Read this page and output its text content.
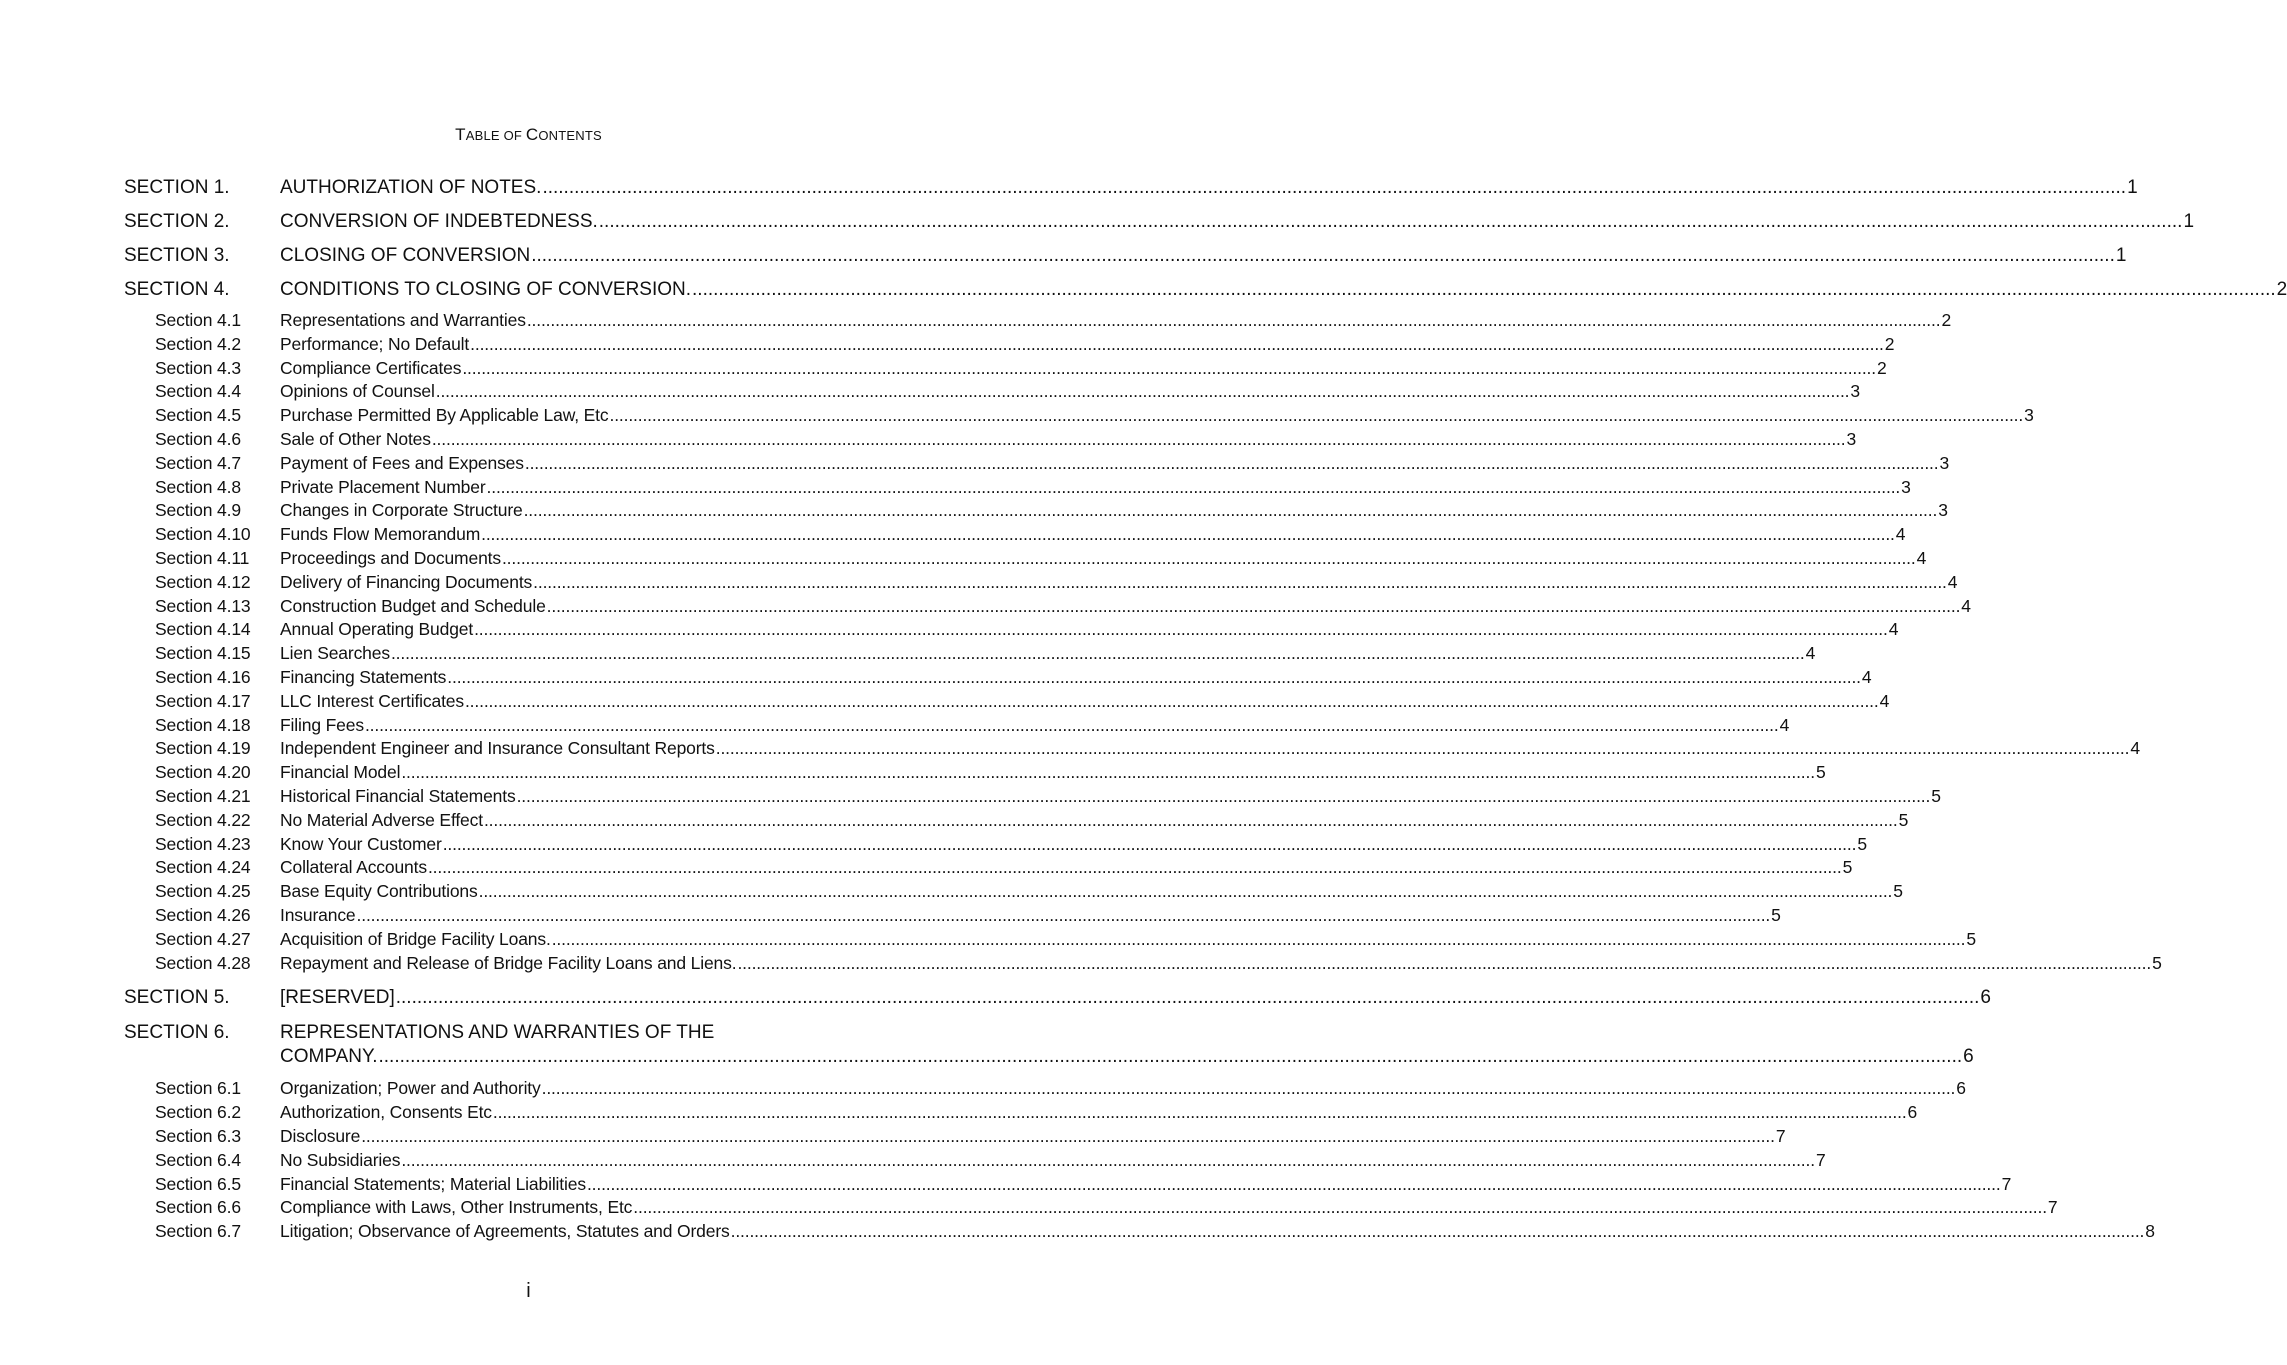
TABLE OF CONTENTS
SECTION 1.	AUTHORIZATION OF NOTES. .....	1
SECTION 2.	CONVERSION OF INDEBTEDNESS. .....	1
SECTION 3.	CLOSING OF CONVERSION .....	1
SECTION 4.	CONDITIONS TO CLOSING OF CONVERSION. .....	2
Section 4.1	Representations and Warranties .....	2
Section 4.2	Performance; No Default .....	2
Section 4.3	Compliance Certificates .....	2
Section 4.4	Opinions of Counsel .....	3
Section 4.5	Purchase Permitted By Applicable Law, Etc .....	3
Section 4.6	Sale of Other Notes .....	3
Section 4.7	Payment of Fees and Expenses .....	3
Section 4.8	Private Placement Number .....	3
Section 4.9	Changes in Corporate Structure .....	3
Section 4.10	Funds Flow Memorandum .....	4
Section 4.11	Proceedings and Documents .....	4
Section 4.12	Delivery of Financing Documents .....	4
Section 4.13	Construction Budget and Schedule .....	4
Section 4.14	Annual Operating Budget .....	4
Section 4.15	Lien Searches .....	4
Section 4.16	Financing Statements .....	4
Section 4.17	LLC Interest Certificates .....	4
Section 4.18	Filing Fees .....	4
Section 4.19	Independent Engineer and Insurance Consultant Reports .....	4
Section 4.20	Financial Model .....	5
Section 4.21	Historical Financial Statements .....	5
Section 4.22	No Material Adverse Effect .....	5
Section 4.23	Know Your Customer .....	5
Section 4.24	Collateral Accounts .....	5
Section 4.25	Base Equity Contributions .....	5
Section 4.26	Insurance .....	5
Section 4.27	Acquisition of Bridge Facility Loans. .....	5
Section 4.28	Repayment and Release of Bridge Facility Loans and Liens. .....	5
SECTION 5.	[RESERVED] .....	6
SECTION 6.	REPRESENTATIONS AND WARRANTIES OF THE
COMPANY. .....	6
Section 6.1	Organization; Power and Authority .....	6
Section 6.2	Authorization, Consents Etc .....	6
Section 6.3	Disclosure .....	7
Section 6.4	No Subsidiaries .....	7
Section 6.5	Financial Statements; Material Liabilities .....	7
Section 6.6	Compliance with Laws, Other Instruments, Etc .....	7
Section 6.7	Litigation; Observance of Agreements, Statutes and Orders .....	8
i
